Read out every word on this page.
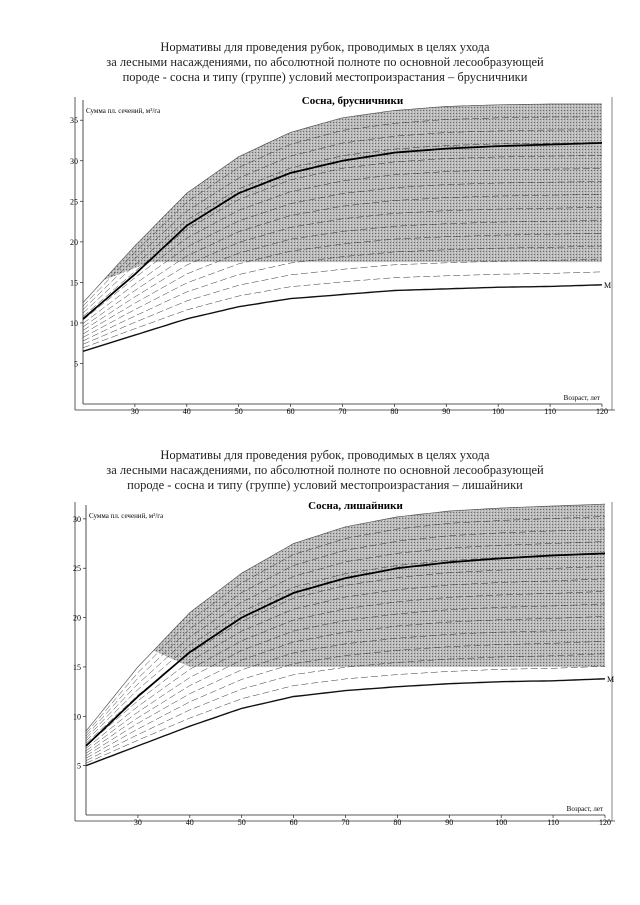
Нормативы для проведения рубок, проводимых в целях ухода
за лесными насаждениями, по абсолютной полноте по основной лесообразующей
породе - сосна и типу (группе) условий местопроизрастания – брусничники
М
5
10
15
20
25
30
35
30	40	50	60	70	80	90	100	110	120
Сосна, брусничники
Сумма пл. сечений, м²/га
Возраст, лет
Нормативы для проведения рубок, проводимых в целях ухода
за лесными насаждениями, по абсолютной полноте по основной лесообразующей
породе - сосна и типу (группе) условий местопроизрастания – лишайники
М
5
10
15
20
25
30
30	40	50	60	70	80	90	100	110	120
Сосна, лишайники
Сумма пл. сечений, м²/га
Возраст, лет
